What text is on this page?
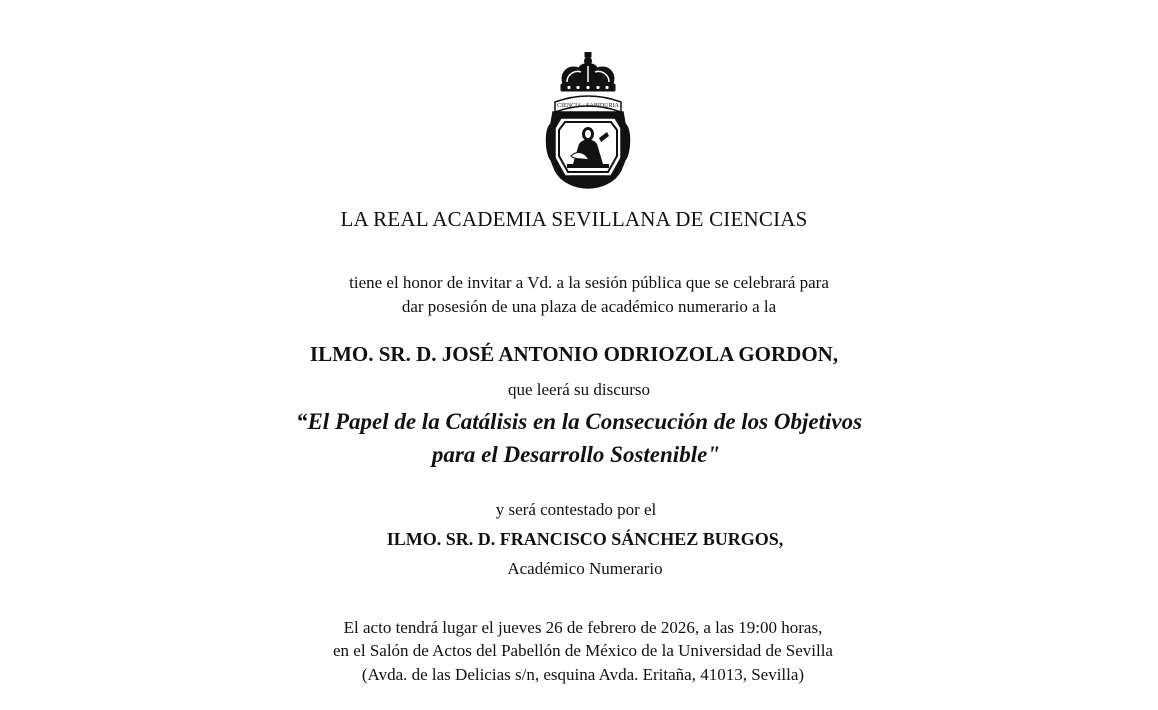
CIENCIA · SABIDURIA
LA REAL ACADEMIA SEVILLANA DE CIENCIAS
tiene el honor de invitar a Vd. a la sesión pública que se celebrará para
dar posesión de una plaza de académico numerario a la
ILMO. SR. D. JOSÉ ANTONIO ODRIOZOLA GORDON,
que leerá su discurso
“El Papel de la Catálisis en la Consecución de los Objetivos
para el Desarrollo Sostenible"
y será contestado por el
ILMO. SR. D. FRANCISCO SÁNCHEZ BURGOS,
Académico Numerario
El acto tendrá lugar el jueves 26 de febrero de 2026, a las 19:00 horas,
en el Salón de Actos del Pabellón de México de la Universidad de Sevilla
(Avda. de las Delicias s/n, esquina Avda. Eritaña, 41013, Sevilla)
